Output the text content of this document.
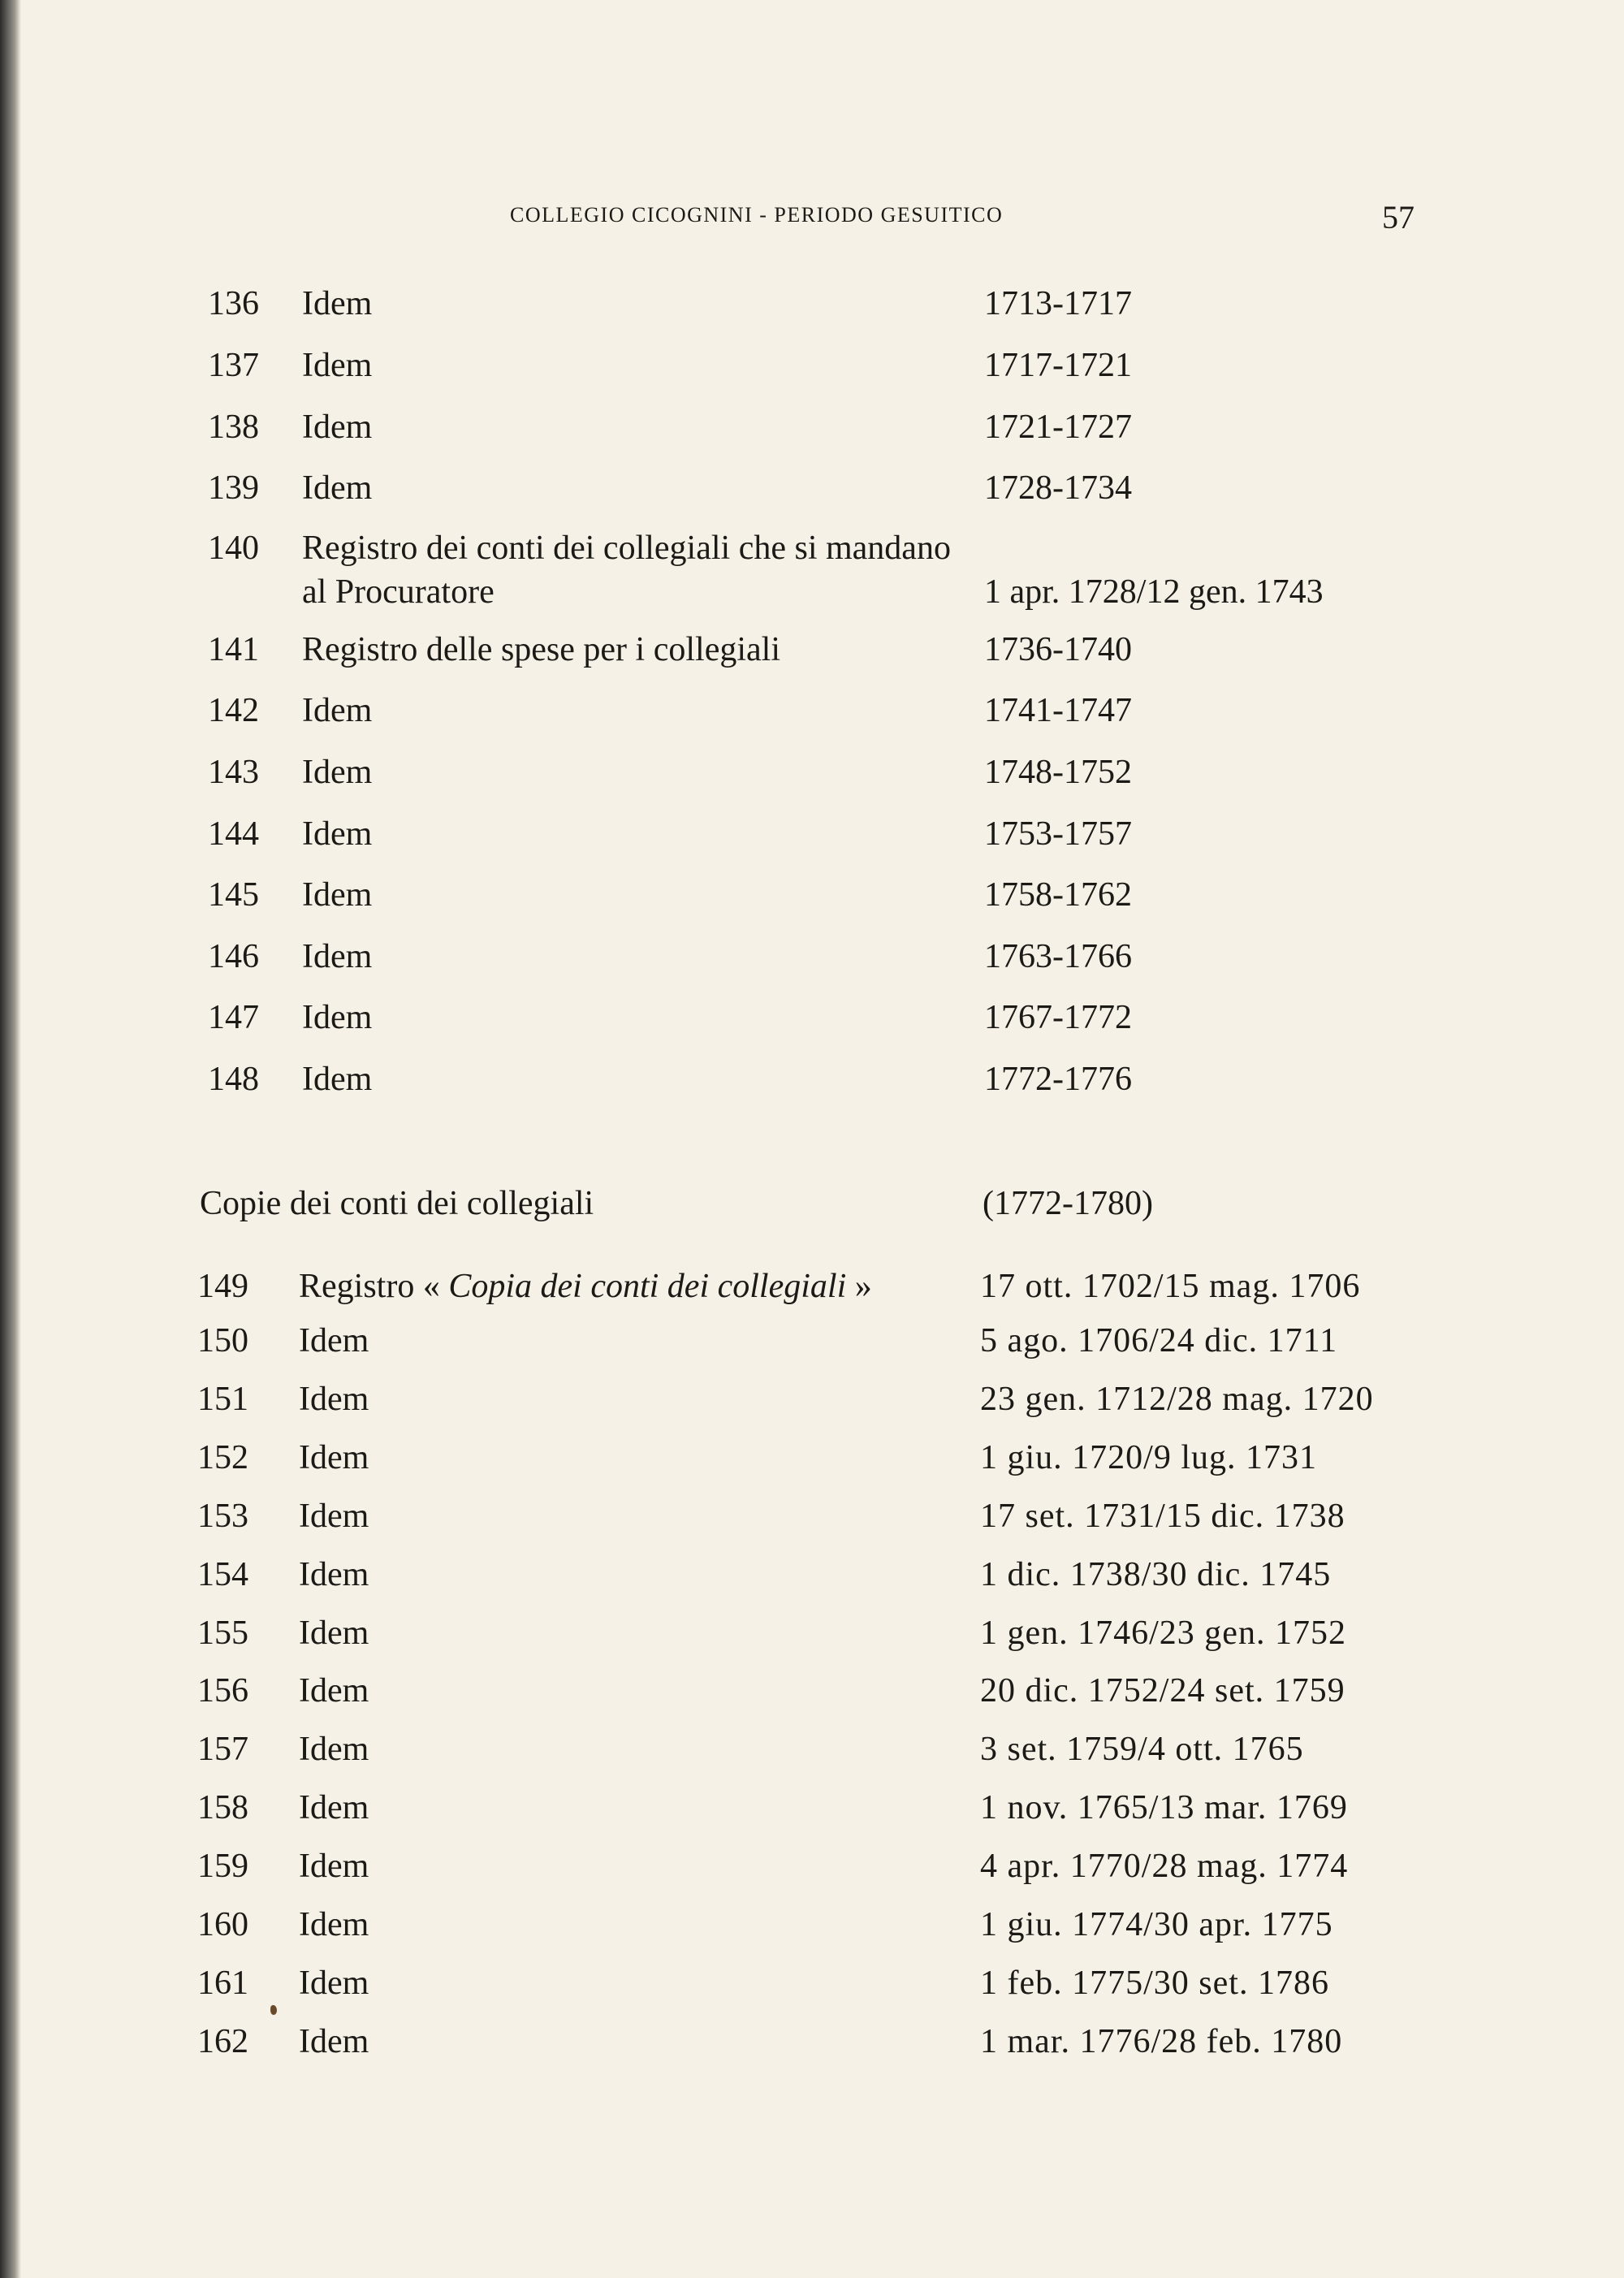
COLLEGIO CICOGNINI - PERIODO GESUITICO	57
136 Idem	1713-1717
137 Idem	1717-1721
138 Idem	1721-1727
139 Idem	1728-1734
140 Registro dei conti dei collegiali che si mandano al Procuratore	1 apr. 1728/12 gen. 1743
141 Registro delle spese per i collegiali	1736-1740
142 Idem	1741-1747
143 Idem	1748-1752
144 Idem	1753-1757
145 Idem	1758-1762
146 Idem	1763-1766
147 Idem	1767-1772
148 Idem	1772-1776
Copie dei conti dei collegiali	(1772-1780)
149 Registro « Copia dei conti dei collegiali »	17 ott. 1702/15 mag. 1706
150 Idem	5 ago. 1706/24 dic. 1711
151 Idem	23 gen. 1712/28 mag. 1720
152 Idem	1 giu. 1720/9 lug. 1731
153 Idem	17 set. 1731/15 dic. 1738
154 Idem	1 dic. 1738/30 dic. 1745
155 Idem	1 gen. 1746/23 gen. 1752
156 Idem	20 dic. 1752/24 set. 1759
157 Idem	3 set. 1759/4 ott. 1765
158 Idem	1 nov. 1765/13 mar. 1769
159 Idem	4 apr. 1770/28 mag. 1774
160 Idem	1 giu. 1774/30 apr. 1775
161 Idem	1 feb. 1775/30 set. 1786
162 Idem	1 mar. 1776/28 feb. 1780
